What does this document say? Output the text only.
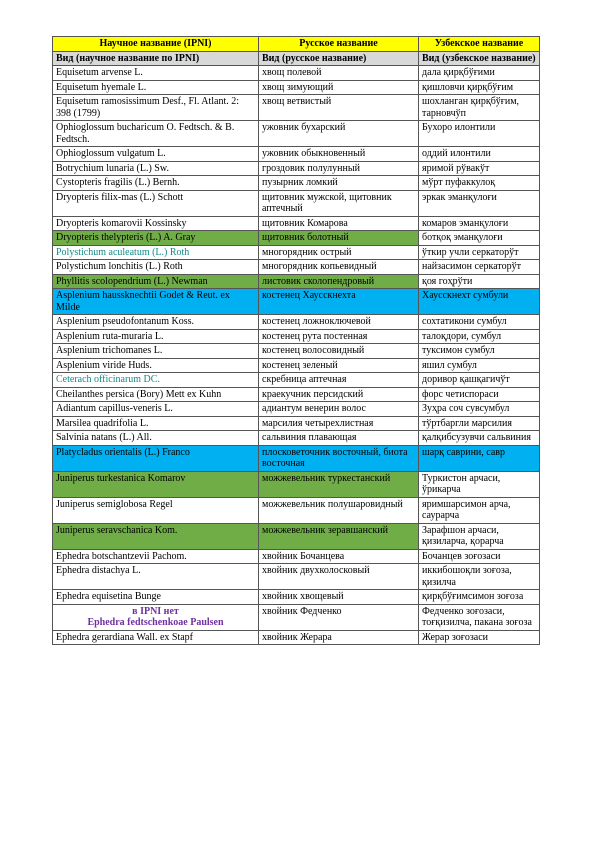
Научное название (IPNI)	Русское название	Узбекское название
Вид (научное название по IPNI)	Вид (русское название)	Вид (узбекское название)
Equisetum arvense L.	хвощ полевой	дала қирқбўғими
Equisetum hyemale L.	хвощ зимующий	қишловчи қирқбўғим
Equisetum ramosissimum Desf., Fl. Atlant. 2: 398 (1799)	хвощ ветвистый	шохланган қирқбўғим, тарновчўп
Ophioglossum bucharicum O. Fedtsch. & B. Fedtsch.	ужовник бухарский	Бухоро илонтили
Ophioglossum vulgatum L.	ужовник обыкновенный	оддий илонтили
Botrychium lunaria (L.) Sw.	гроздовик полулунный	яримой рўвакўт
Cystopteris fragilis (L.) Bernh.	пузырник ломкий	мўрт пуфаккулоқ
Dryopteris filix-mas (L.) Schott	щитовник мужской, щитовник аптечный	эркак эманқулоғи
Dryopteris komarovii Kossinsky	щитовник Комарова	комаров эманқулоғи
Dryopteris thelypteris (L.) A. Gray	щитовник болотный	ботқоқ эманқулоғи
Polystichum aculeatum (L.) Roth	многорядник острый	ўткир учли серкаторўт
Polystichum lonchitis (L.) Roth	многорядник копьевидный	найзасимон серкаторўт
Phyllitis scolopendrium (L.) Newman	листовик сколопендровый	қоя гоҳрўти
Asplenium haussknechtii Godet & Reut. ex Milde	костенец Хаусскнехта	Хаусскнехт сумбули
Asplenium pseudofontanum Koss.	костенец ложноключевой	сохтатикони сумбул
Asplenium ruta-muraria L.	костенец рута постенная	талоқдори, сумбул
Asplenium trichomanes L.	костенец волосовидный	туксимон сумбул
Asplenium viride Huds.	костенец зеленый	яшил сумбул
Ceterach officinarum DC.	скребница аптечная	доривор қашқагичўт
Cheilanthes persica (Bory) Mett ex Kuhn	краекучник персидский	форс четиспораси
Adiantum capillus-veneris L.	адиантум венерин волос	Зуҳра соч сувсумбул
Marsilea quadrifolia L.	марсилия четырехлистная	тўртбаргли марсилия
Salvinia natans (L.) All.	сальвиния плавающая	қалқибсузувчи сальвиния
Platycladus orientalis (L.) Franco	плосковеточник восточный, биота восточная	шарқ саврини, савр
Juniperus turkestanica Komarov	можжевельник туркестанский	Туркистон арчаси, ўрикарча
Juniperus semiglobosa Regel	можжевельник полушаровидный	яримшарсимон арча, саурарча
Juniperus seravschanica Kom.	можжевельник зеравшанский	Зарафшон арчаси, қизиларча, қорарча
Ephedra botschantzevii Pachom.	хвойник Бочанцева	Бочанцев зоғозаси
Ephedra distachya L.	хвойник двухколосковый	иккибошоқли зоғоза, қизилча
Ephedra equisetina Bunge	хвойник хвощевый	қирқбўғимсимон зоғоза
в IPNI нет
Ephedra fedtschenkoae Paulsen	хвойник Федченко	Федченко зоғозаси, тоғқизилча, пакана зоғоза
Ephedra gerardiana Wall. ex Stapf	хвойник Жерара	Жерар зоғозаси
